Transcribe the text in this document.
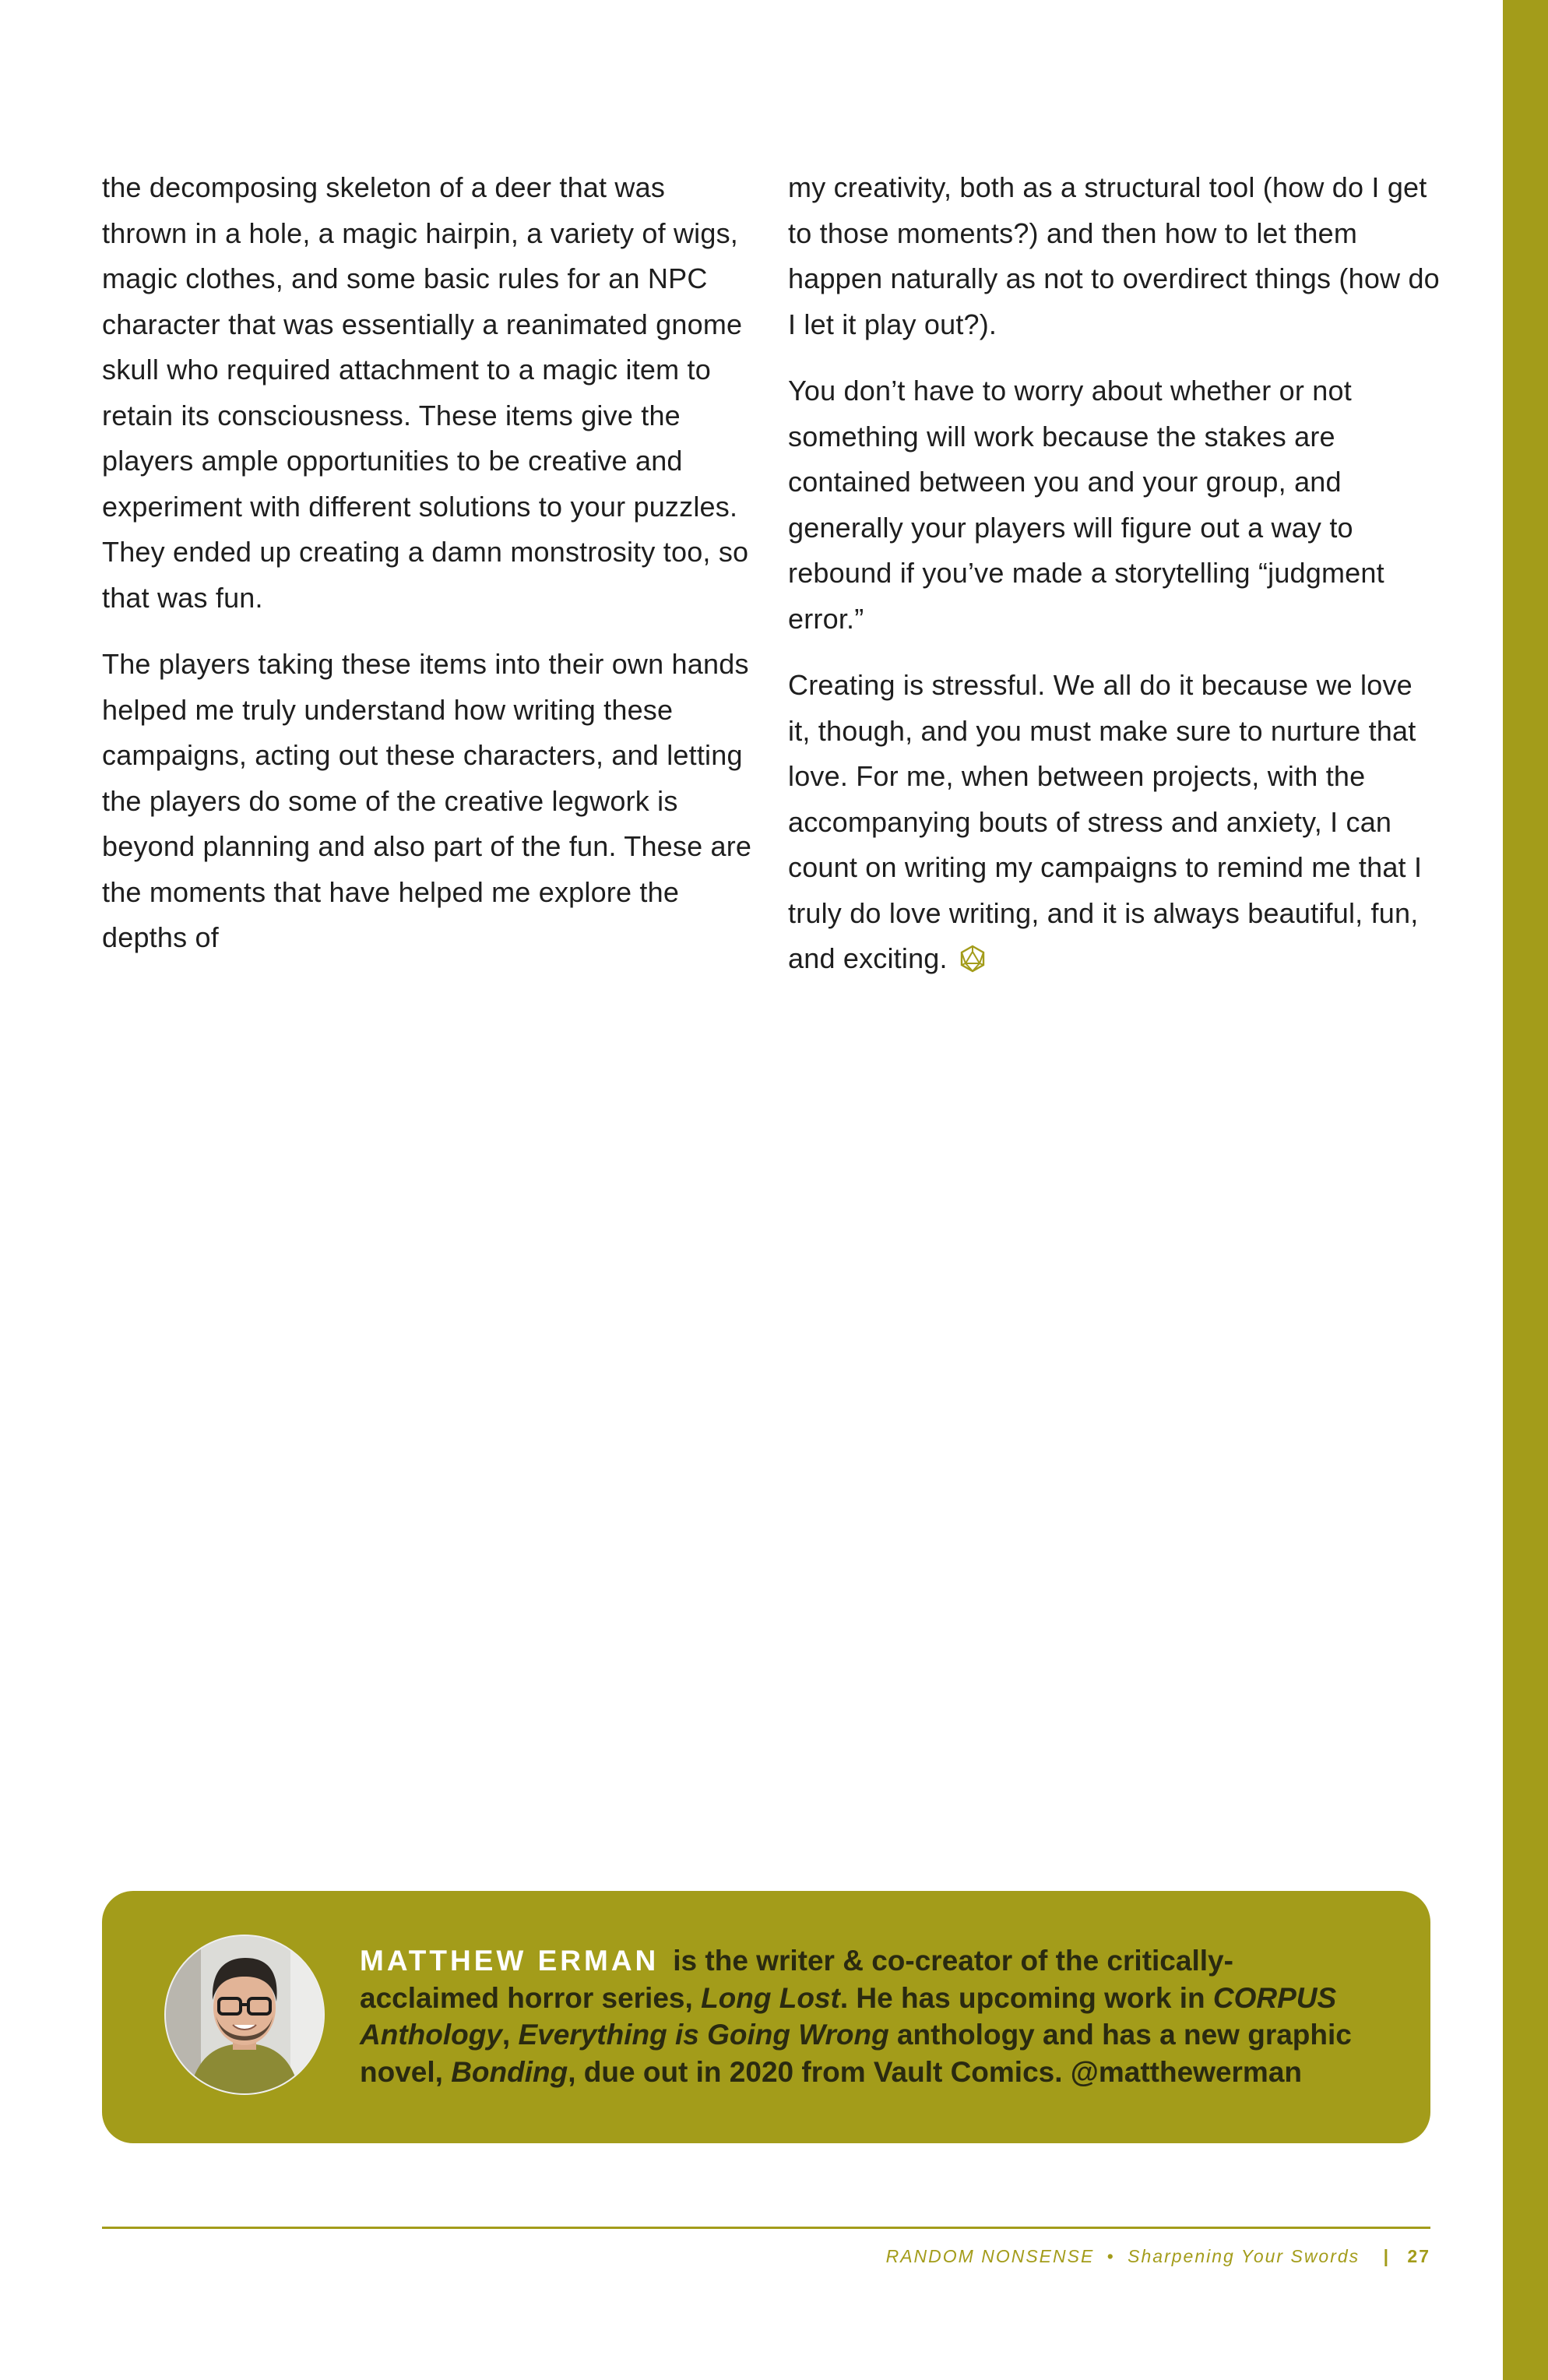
the decomposing skeleton of a deer that was thrown in a hole, a magic hairpin, a variety of wigs, magic clothes, and some basic rules for an NPC character that was essentially a reanimated gnome skull who required attachment to a magic item to retain its consciousness. These items give the players ample opportunities to be creative and experiment with different solutions to your puzzles. They ended up creating a damn monstrosity too, so that was fun.

The players taking these items into their own hands helped me truly understand how writing these campaigns, acting out these characters, and letting the players do some of the creative legwork is beyond planning and also part of the fun. These are the moments that have helped me explore the depths of

my creativity, both as a structural tool (how do I get to those moments?) and then how to let them happen naturally as not to overdirect things (how do I let it play out?).

You don’t have to worry about whether or not something will work because the stakes are contained between you and your group, and generally your players will figure out a way to rebound if you’ve made a storytelling “judgment error.”

Creating is stressful. We all do it because we love it, though, and you must make sure to nurture that love. For me, when between projects, with the accompanying bouts of stress and anxiety, I can count on writing my campaigns to remind me that I truly do love writing, and it is always beautiful, fun, and exciting.

MATTHEW ERMAN is the writer & co-creator of the critically-acclaimed horror series, Long Lost. He has upcoming work in CORPUS Anthology, Everything is Going Wrong anthology and has a new graphic novel, Bonding, due out in 2020 from Vault Comics. @matthewerman
RANDOM NONSENSE • Sharpening Your Swords | 27
